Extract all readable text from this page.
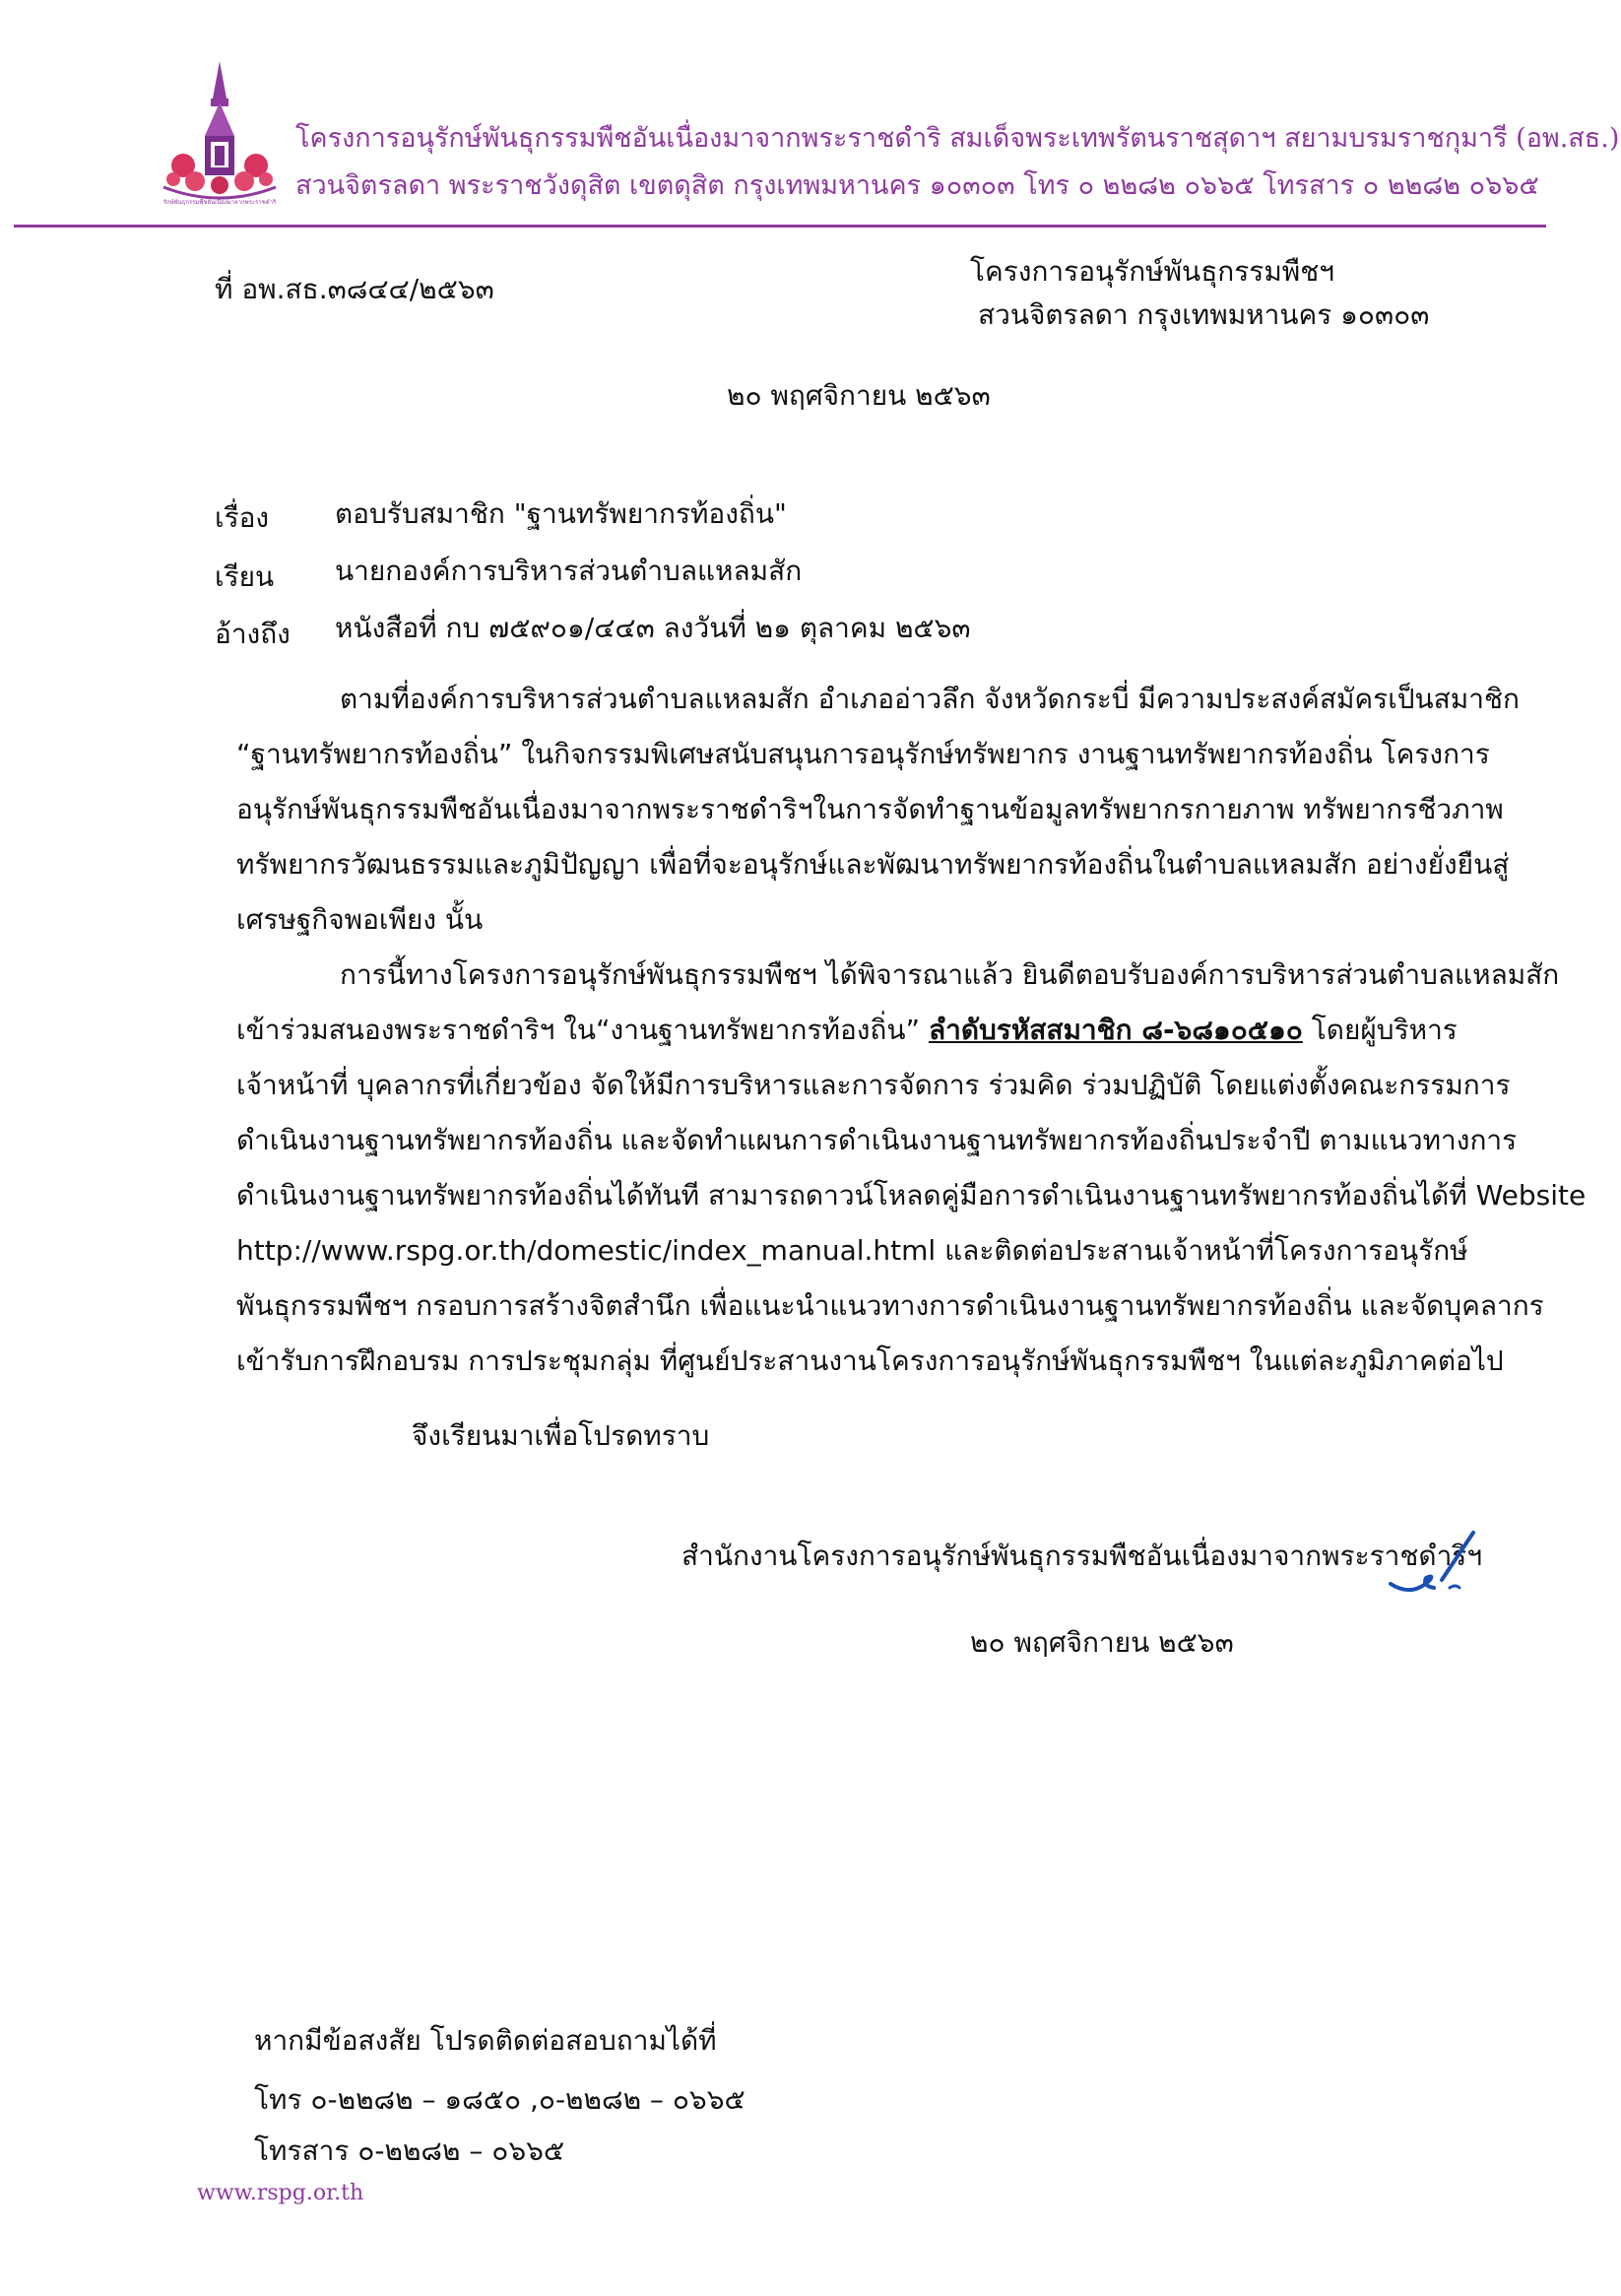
รักษ์พันธุกรรมพืชอันเนื่องมาจากพระราชดำริ
โครงการอนุรักษ์พันธุกรรมพืชอันเนื่องมาจากพระราชดำริ สมเด็จพระเทพรัตนราชสุดาฯ สยามบรมราชกุมารี (อพ.สธ.)
สวนจิตรลดา พระราชวังดุสิต เขตดุสิต กรุงเทพมหานคร ๑๐๓๐๓ โทร ๐ ๒๒๘๒ ๐๖๖๕ โทรสาร ๐ ๒๒๘๒ ๐๖๖๕
ที่ อพ.สธ.๓๘๔๔/๒๕๖๓
โครงการอนุรักษ์พันธุกรรมพืชฯ
สวนจิตรลดา กรุงเทพมหานคร ๑๐๓๐๓
๒๐ พฤศจิกายน ๒๕๖๓
เรื่อง ตอบรับสมาชิก "ฐานทรัพยากรท้องถิ่น"
เรียน นายกองค์การบริหารส่วนตำบลแหลมสัก
อ้างถึง หนังสือที่ กบ ๗๕๙๐๑/๔๔๓ ลงวันที่ ๒๑ ตุลาคม ๒๕๖๓
ตามที่องค์การบริหารส่วนตำบลแหลมสัก อำเภออ่าวลึก จังหวัดกระบี่ มีความประสงค์สมัครเป็นสมาชิก
“ฐานทรัพยากรท้องถิ่น” ในกิจกรรมพิเศษสนับสนุนการอนุรักษ์ทรัพยากร งานฐานทรัพยากรท้องถิ่น โครงการ
อนุรักษ์พันธุกรรมพืชอันเนื่องมาจากพระราชดำริฯในการจัดทำฐานข้อมูลทรัพยากรกายภาพ ทรัพยากรชีวภาพ
ทรัพยากรวัฒนธรรมและภูมิปัญญา เพื่อที่จะอนุรักษ์และพัฒนาทรัพยากรท้องถิ่นในตำบลแหลมสัก อย่างยั่งยืนสู่
เศรษฐกิจพอเพียง นั้น
การนี้ทางโครงการอนุรักษ์พันธุกรรมพืชฯ ได้พิจารณาแล้ว ยินดีตอบรับองค์การบริหารส่วนตำบลแหลมสัก
เข้าร่วมสนองพระราชดำริฯ ใน“งานฐานทรัพยากรท้องถิ่น” ลำดับรหัสสมาชิก ๘-๖๘๑๐๕๑๐ โดยผู้บริหาร
เจ้าหน้าที่ บุคลากรที่เกี่ยวข้อง จัดให้มีการบริหารและการจัดการ ร่วมคิด ร่วมปฏิบัติ โดยแต่งตั้งคณะกรรมการ
ดำเนินงานฐานทรัพยากรท้องถิ่น และจัดทำแผนการดำเนินงานฐานทรัพยากรท้องถิ่นประจำปี ตามแนวทางการ
ดำเนินงานฐานทรัพยากรท้องถิ่นได้ทันที สามารถดาวน์โหลดคู่มือการดำเนินงานฐานทรัพยากรท้องถิ่นได้ที่ Website
http://www.rspg.or.th/domestic/index_manual.html และติดต่อประสานเจ้าหน้าที่โครงการอนุรักษ์
พันธุกรรมพืชฯ กรอบการสร้างจิตสำนึก เพื่อแนะนำแนวทางการดำเนินงานฐานทรัพยากรท้องถิ่น และจัดบุคลากร
เข้ารับการฝึกอบรม การประชุมกลุ่ม ที่ศูนย์ประสานงานโครงการอนุรักษ์พันธุกรรมพืชฯ ในแต่ละภูมิภาคต่อไป
จึงเรียนมาเพื่อโปรดทราบ
สำนักงานโครงการอนุรักษ์พันธุกรรมพืชอันเนื่องมาจากพระราชดำริฯ
๒๐ พฤศจิกายน ๒๕๖๓
หากมีข้อสงสัย โปรดติดต่อสอบถามได้ที่
โทร ๐-๒๒๘๒ – ๑๘๕๐ ,๐-๒๒๘๒ – ๐๖๖๕
โทรสาร ๐-๒๒๘๒ – ๐๖๖๕
www.rspg.or.th
